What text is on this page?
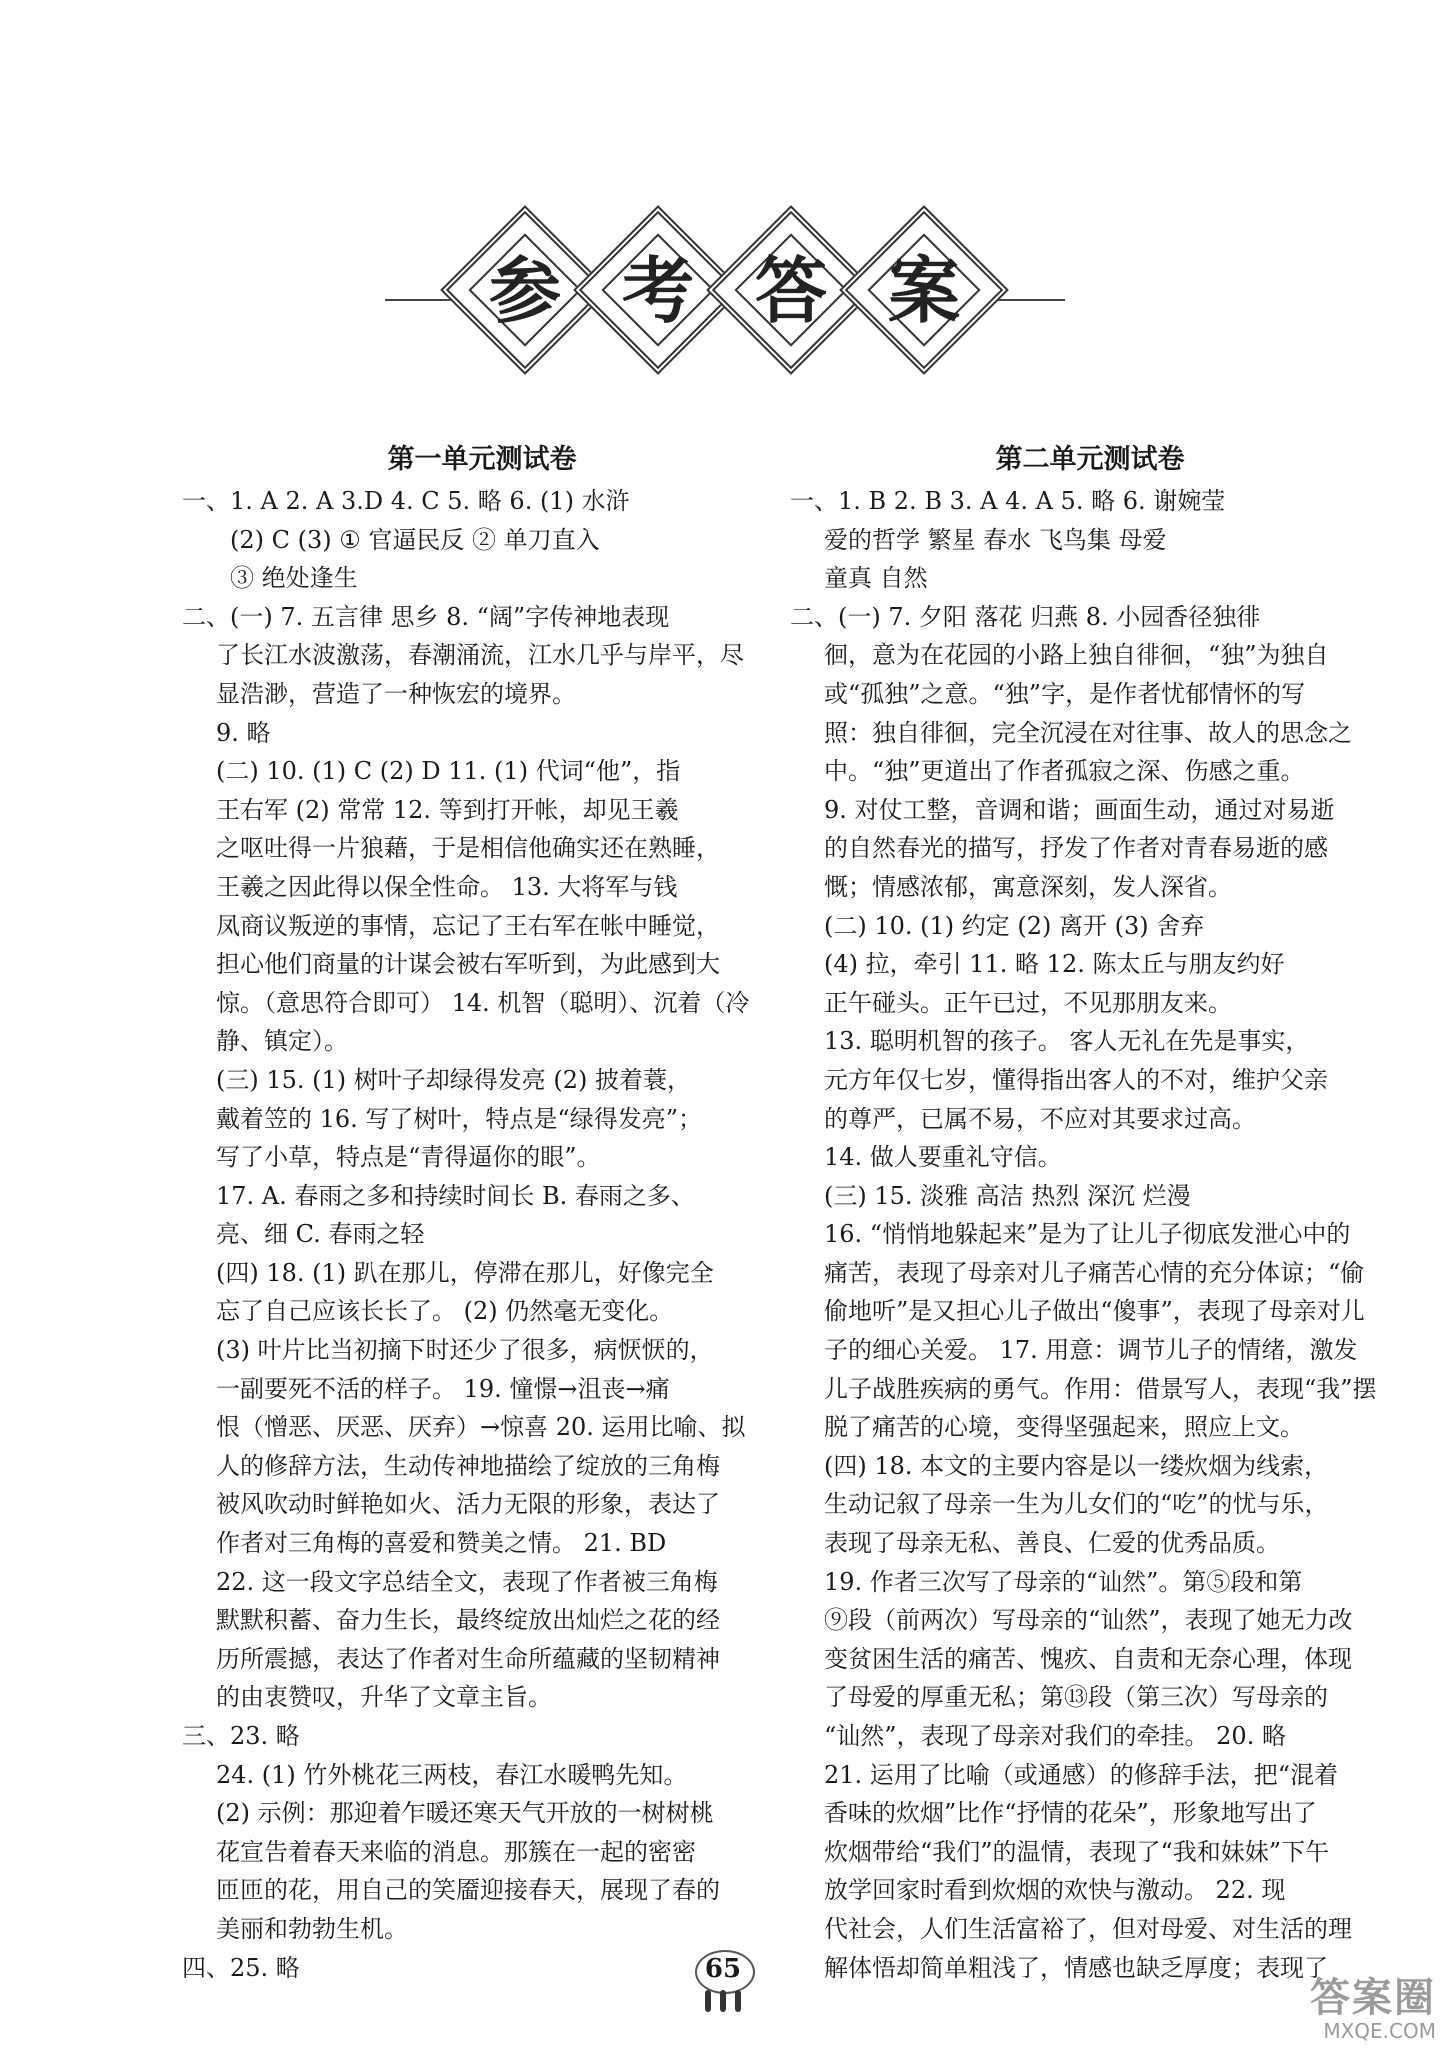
参 考 答 案
第一单元测试卷
一、1. A 2. A 3.D 4. C 5. 略 6. (1) 水浒
(2) C (3) ① 官逼民反 ② 单刀直入
③ 绝处逢生
二、(一) 7. 五言律 思乡 8. “阔”字传神地表现
了长江水波激荡，春潮涌流，江水几乎与岸平，尽
显浩渺，营造了一种恢宏的境界。
9. 略
(二) 10. (1) C (2) D 11. (1) 代词“他”，指
王右军 (2) 常常 12. 等到打开帐，却见王羲
之呕吐得一片狼藉，于是相信他确实还在熟睡，
王羲之因此得以保全性命。 13. 大将军与钱
凤商议叛逆的事情，忘记了王右军在帐中睡觉，
担心他们商量的计谋会被右军听到，为此感到大
惊。（意思符合即可） 14. 机智（聪明）、沉着（冷
静、镇定）。
(三) 15. (1) 树叶子却绿得发亮 (2) 披着蓑，
戴着笠的 16. 写了树叶，特点是“绿得发亮”；
写了小草，特点是“青得逼你的眼”。
17. A. 春雨之多和持续时间长 B. 春雨之多、
亮、细 C. 春雨之轻
(四) 18. (1) 趴在那儿，停滞在那儿，好像完全
忘了自己应该长长了。 (2) 仍然毫无变化。
(3) 叶片比当初摘下时还少了很多，病恹恹的，
一副要死不活的样子。 19. 憧憬→沮丧→痛
恨（憎恶、厌恶、厌弃）→惊喜 20. 运用比喻、拟
人的修辞方法，生动传神地描绘了绽放的三角梅
被风吹动时鲜艳如火、活力无限的形象，表达了
作者对三角梅的喜爱和赞美之情。 21. BD
22. 这一段文字总结全文，表现了作者被三角梅
默默积蓄、奋力生长，最终绽放出灿烂之花的经
历所震撼，表达了作者对生命所蕴藏的坚韧精神
的由衷赞叹，升华了文章主旨。
三、23. 略
24. (1) 竹外桃花三两枝，春江水暖鸭先知。
(2) 示例：那迎着乍暖还寒天气开放的一树树桃
花宣告着春天来临的消息。那簇在一起的密密
匝匝的花，用自己的笑靥迎接春天，展现了春的
美丽和勃勃生机。
四、25. 略
第二单元测试卷
一、1. B 2. B 3. A 4. A 5. 略 6. 谢婉莹
爱的哲学 繁星 春水 飞鸟集 母爱
童真 自然
二、(一) 7. 夕阳 落花 归燕 8. 小园香径独徘
徊，意为在花园的小路上独自徘徊，“独”为独自
或“孤独”之意。“独”字，是作者忧郁情怀的写
照：独自徘徊，完全沉浸在对往事、故人的思念之
中。“独”更道出了作者孤寂之深、伤感之重。
9. 对仗工整，音调和谐；画面生动，通过对易逝
的自然春光的描写，抒发了作者对青春易逝的感
慨；情感浓郁，寓意深刻，发人深省。
(二) 10. (1) 约定 (2) 离开 (3) 舍弃
(4) 拉，牵引 11. 略 12. 陈太丘与朋友约好
正午碰头。正午已过，不见那朋友来。
13. 聪明机智的孩子。 客人无礼在先是事实，
元方年仅七岁，懂得指出客人的不对，维护父亲
的尊严，已属不易，不应对其要求过高。
14. 做人要重礼守信。
(三) 15. 淡雅 高洁 热烈 深沉 烂漫
16. “悄悄地躲起来”是为了让儿子彻底发泄心中的
痛苦，表现了母亲对儿子痛苦心情的充分体谅；“偷
偷地听”是又担心儿子做出“傻事”，表现了母亲对儿
子的细心关爱。 17. 用意：调节儿子的情绪，激发
儿子战胜疾病的勇气。作用：借景写人，表现“我”摆
脱了痛苦的心境，变得坚强起来，照应上文。
(四) 18. 本文的主要内容是以一缕炊烟为线索，
生动记叙了母亲一生为儿女们的“吃”的忧与乐，
表现了母亲无私、善良、仁爱的优秀品质。
19. 作者三次写了母亲的“讪然”。第⑤段和第
⑨段（前两次）写母亲的“讪然”，表现了她无力改
变贫困生活的痛苦、愧疚、自责和无奈心理，体现
了母爱的厚重无私；第⑬段（第三次）写母亲的
“讪然”，表现了母亲对我们的牵挂。 20. 略
21. 运用了比喻（或通感）的修辞手法，把“混着
香味的炊烟”比作“抒情的花朵”，形象地写出了
炊烟带给“我们”的温情，表现了“我和妹妹”下午
放学回家时看到炊烟的欢快与激动。 22. 现
代社会，人们生活富裕了，但对母爱、对生活的理
解体悟却简单粗浅了，情感也缺乏厚度；表现了
65
答案圈
MXQE.COM
